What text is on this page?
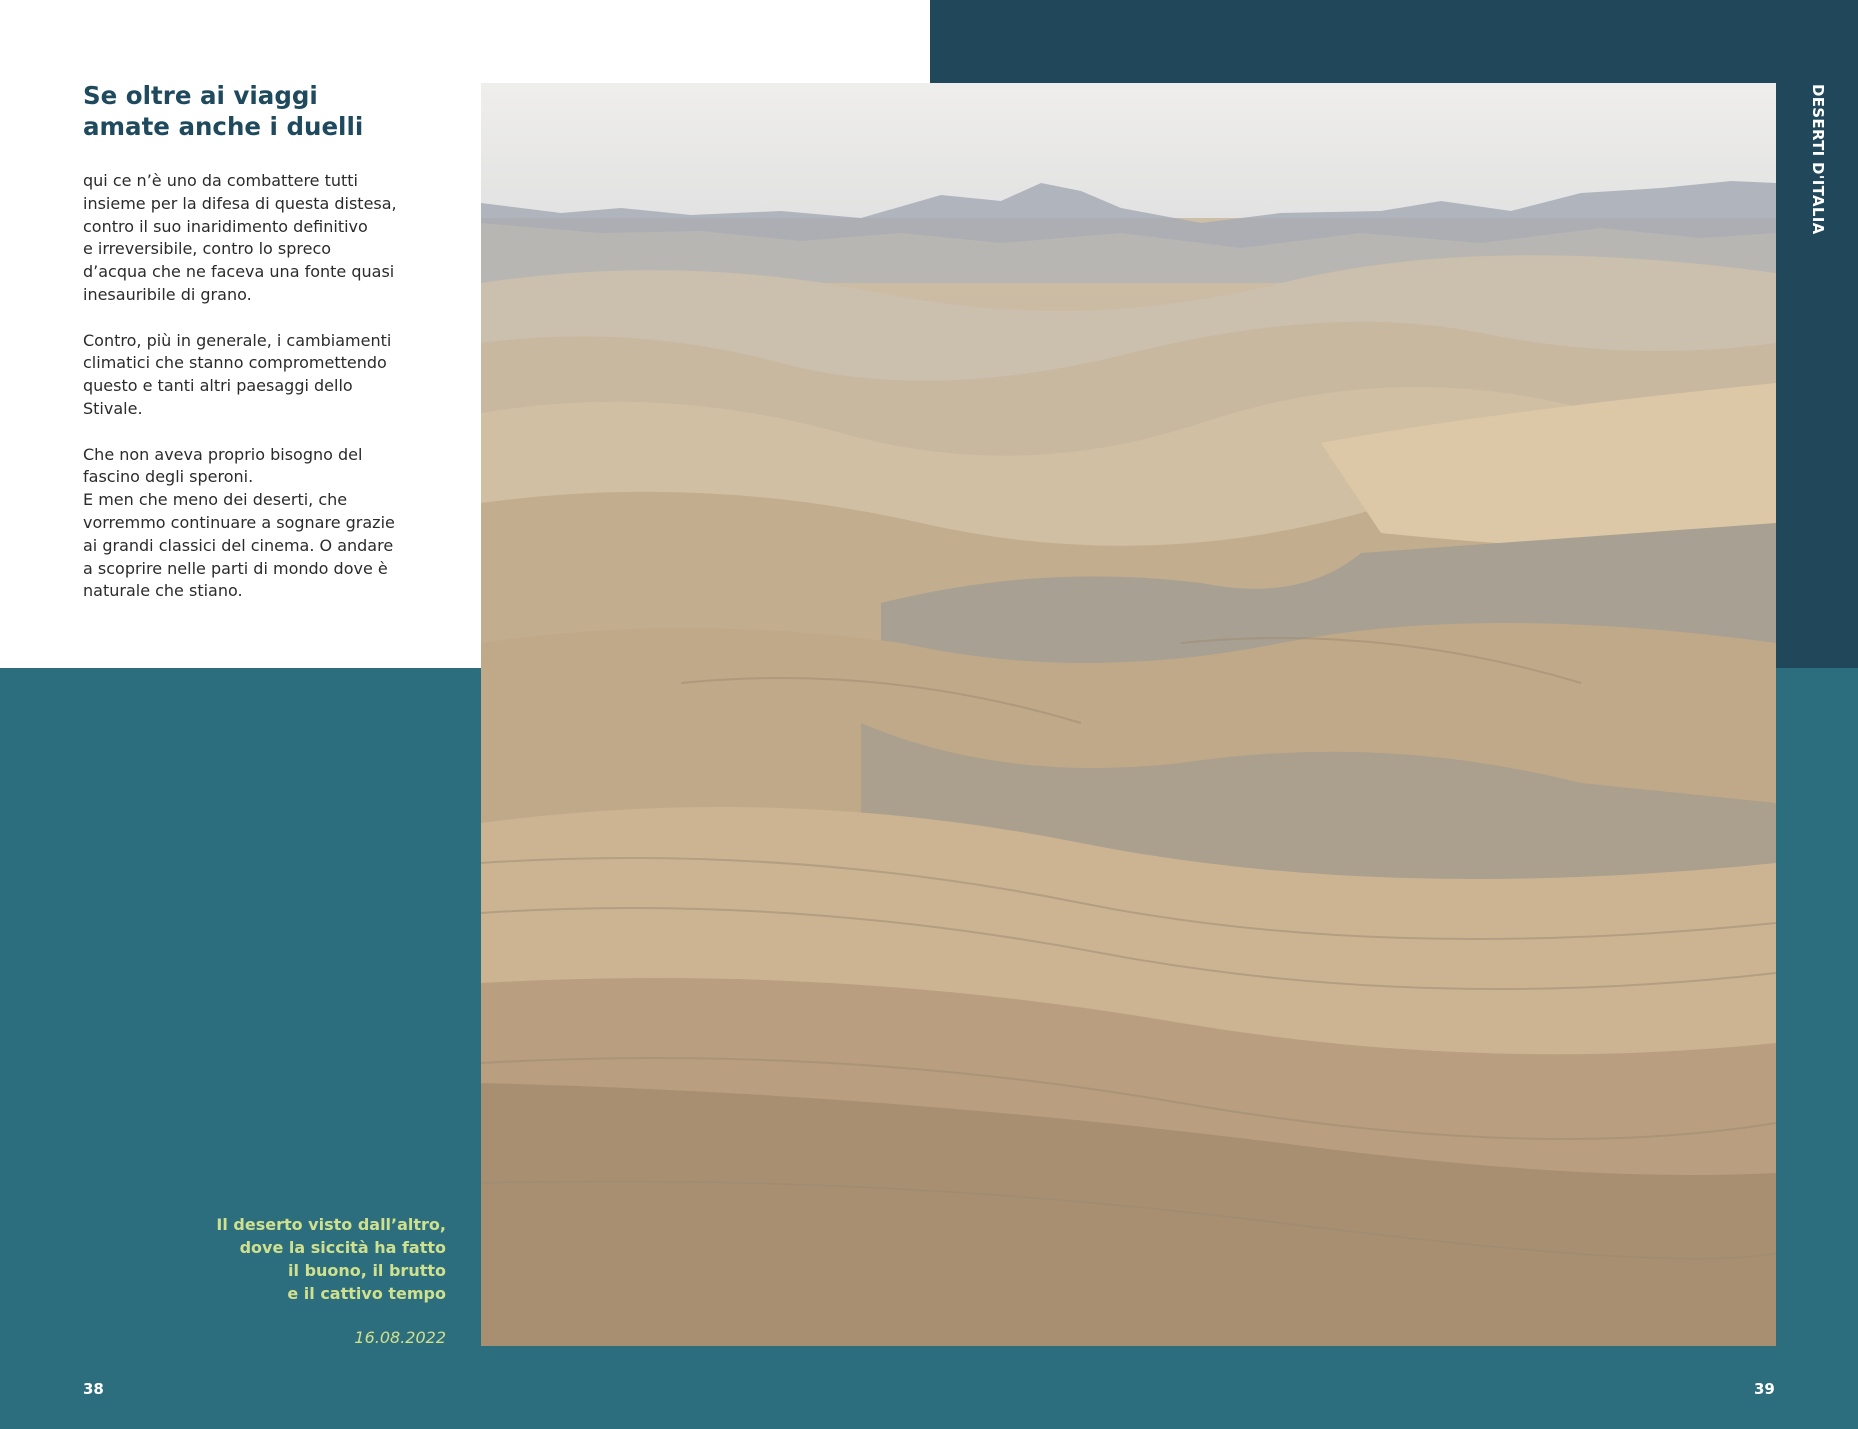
Se oltre ai viaggi
amate anche i duelli

qui ce n’è uno da combattere tutti
insieme per la difesa di questa distesa,
contro il suo inaridimento definitivo
e irreversibile, contro lo spreco
d’acqua che ne faceva una fonte quasi
inesauribile di grano.

Contro, più in generale, i cambiamenti
climatici che stanno compromettendo
questo e tanti altri paesaggi dello
Stivale.

Che non aveva proprio bisogno del
fascino degli speroni.
E men che meno dei deserti, che
vorremmo continuare a sognare grazie
ai grandi classici del cinema. O andare
a scoprire nelle parti di mondo dove è
naturale che stiano.

DESERTI D'ITALIA
Il deserto visto dall’altro,
dove la siccità ha fatto
il buono, il brutto
e il cattivo tempo
16.08.2022
38	39
